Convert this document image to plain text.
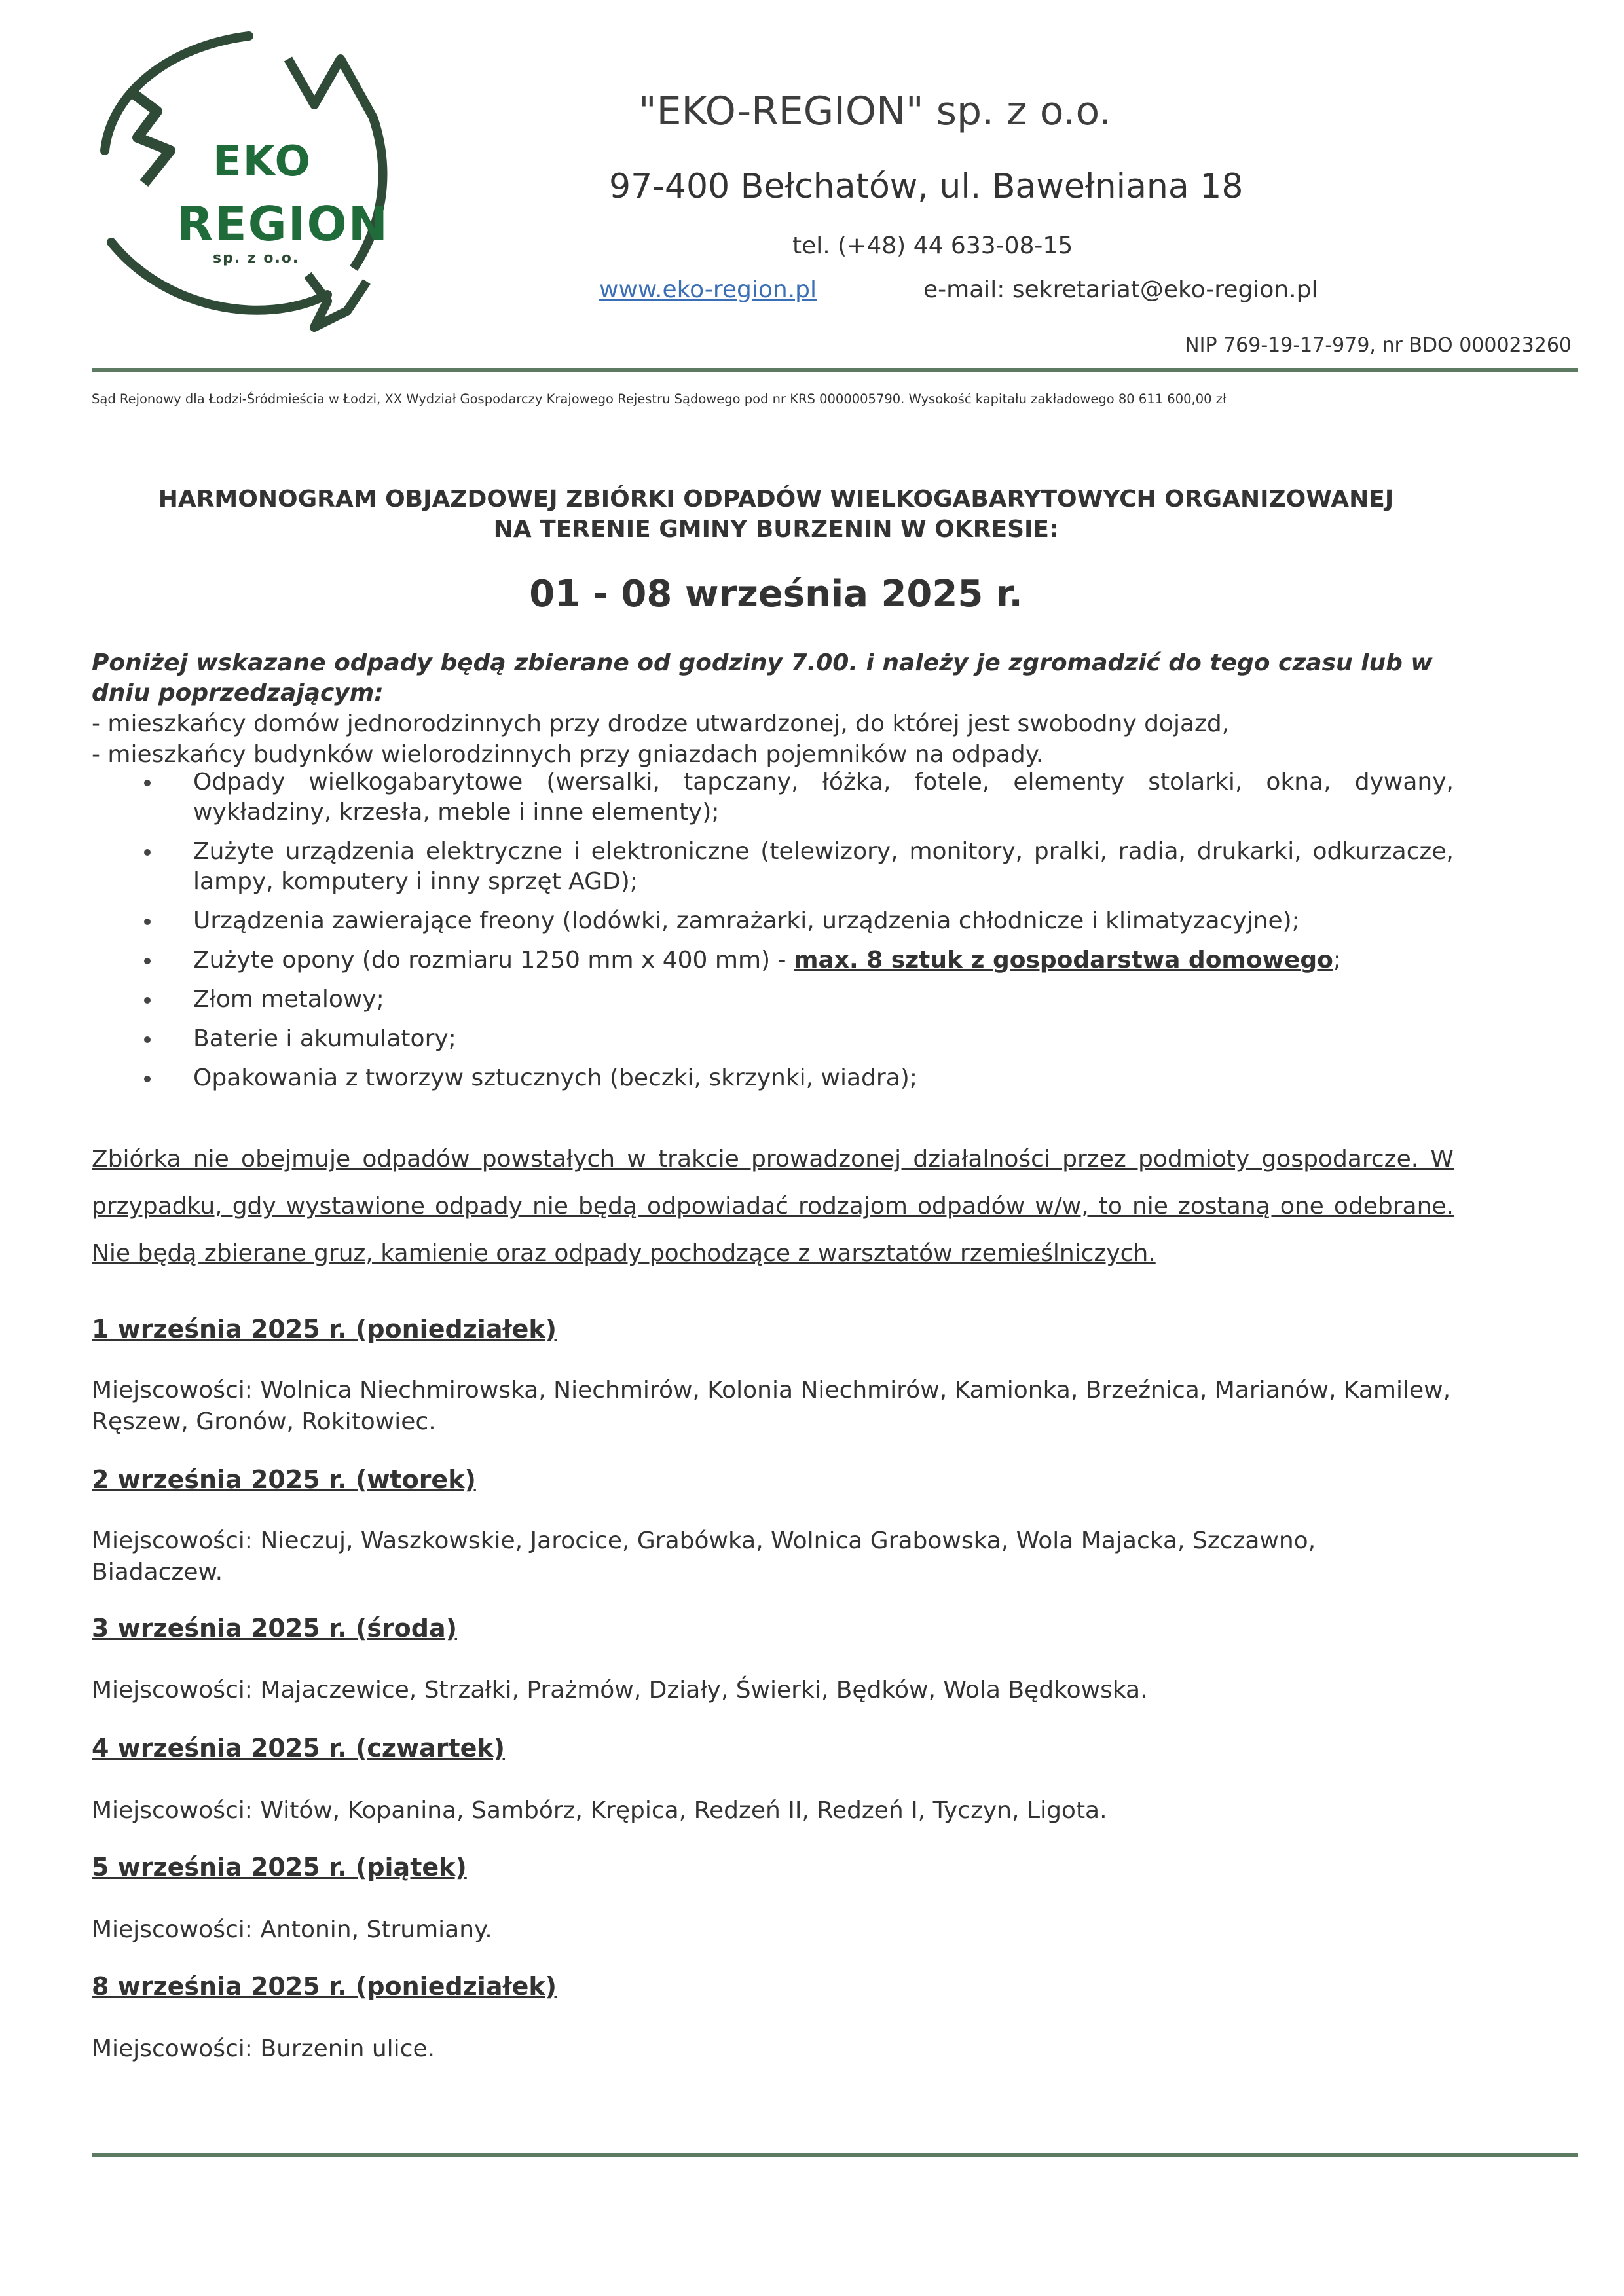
EKO
REGION
sp. z o.o.
"EKO-REGION" sp. z o.o.
97-400 Bełchatów, ul. Bawełniana 18
tel. (+48) 44 633-08-15
www.eko-region.pl	e-mail: sekretariat@eko-region.pl
NIP 769-19-17-979, nr BDO 000023260
Sąd Rejonowy dla Łodzi-Śródmieścia w Łodzi, XX Wydział Gospodarczy Krajowego Rejestru Sądowego pod nr KRS 0000005790. Wysokość kapitału zakładowego 80 611 600,00 zł
HARMONOGRAM OBJAZDOWEJ ZBIÓRKI ODPADÓW WIELKOGABARYTOWYCH ORGANIZOWANEJ
NA TERENIE GMINY BURZENIN W OKRESIE:
01 - 08 września 2025 r.
Poniżej wskazane odpady będą zbierane od godziny 7.00. i należy je zgromadzić do tego czasu lub w dniu poprzedzającym:
- mieszkańcy domów jednorodzinnych przy drodze utwardzonej, do której jest swobodny dojazd,
- mieszkańcy budynków wielorodzinnych przy gniazdach pojemników na odpady.
Odpady wielkogabarytowe (wersalki, tapczany, łóżka, fotele, elementy stolarki, okna, dywany, wykładziny, krzesła, meble i inne elementy);
Zużyte urządzenia elektryczne i elektroniczne (telewizory, monitory, pralki, radia, drukarki, odkurzacze, lampy, komputery i inny sprzęt AGD);
Urządzenia zawierające freony (lodówki, zamrażarki, urządzenia chłodnicze i klimatyzacyjne);
Zużyte opony (do rozmiaru 1250 mm x 400 mm) - max. 8 sztuk z gospodarstwa domowego;
Złom metalowy;
Baterie i akumulatory;
Opakowania z tworzyw sztucznych (beczki, skrzynki, wiadra);
Zbiórka nie obejmuje odpadów powstałych w trakcie prowadzonej działalności przez podmioty gospodarcze. W przypadku, gdy wystawione odpady nie będą odpowiadać rodzajom odpadów w/w, to nie zostaną one odebrane. Nie będą zbierane gruz, kamienie oraz odpady pochodzące z warsztatów rzemieślniczych.
1 września 2025 r. (poniedziałek)
Miejscowości: Wolnica Niechmirowska, Niechmirów, Kolonia Niechmirów, Kamionka, Brzeźnica, Marianów, Kamilew, Ręszew, Gronów, Rokitowiec.
2 września 2025 r. (wtorek)
Miejscowości: Nieczuj, Waszkowskie, Jarocice, Grabówka, Wolnica Grabowska, Wola Majacka, Szczawno, Biadaczew.
3 września 2025 r. (środa)
Miejscowości: Majaczewice, Strzałki, Prażmów, Działy, Świerki, Będków, Wola Będkowska.
4 września 2025 r. (czwartek)
Miejscowości: Witów, Kopanina, Sambórz, Krępica, Redzeń II, Redzeń I, Tyczyn, Ligota.
5 września 2025 r. (piątek)
Miejscowości: Antonin, Strumiany.
8 września 2025 r. (poniedziałek)
Miejscowości: Burzenin ulice.
